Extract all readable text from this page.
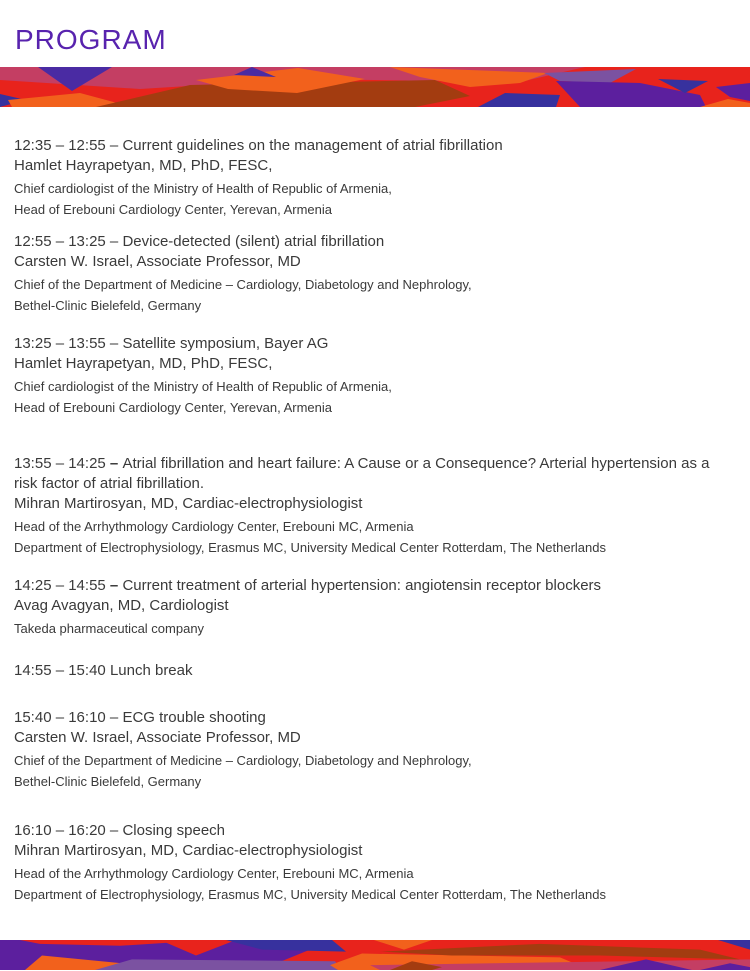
PROGRAM
12:35 – 12:55 – Current guidelines on the management of atrial fibrillation
Hamlet Hayrapetyan, MD, PhD, FESC,
Chief cardiologist of the Ministry of Health of Republic of Armenia,
Head of Erebouni Cardiology Center, Yerevan, Armenia
12:55 – 13:25 – Device-detected (silent) atrial fibrillation
Carsten W. Israel, Associate Professor, MD
Chief of the Department of Medicine – Cardiology, Diabetology and Nephrology,
Bethel-Clinic Bielefeld, Germany
13:25 – 13:55 – Satellite symposium, Bayer AG
Hamlet Hayrapetyan, MD, PhD, FESC,
Chief cardiologist of the Ministry of Health of Republic of Armenia,
Head of Erebouni Cardiology Center, Yerevan, Armenia
13:55 – 14:25 – Atrial fibrillation and heart failure: A Cause or a Consequence? Arterial hypertension as a risk factor of atrial fibrillation.
Mihran Martirosyan, MD, Cardiac-electrophysiologist
Head of the Arrhythmology Cardiology Center, Erebouni MC, Armenia
Department of Electrophysiology, Erasmus MC, University Medical Center Rotterdam, The Netherlands
14:25 – 14:55 – Current treatment of arterial hypertension: angiotensin receptor blockers
Avag Avagyan, MD, Cardiologist
Takeda pharmaceutical company
14:55 – 15:40 Lunch break
15:40 – 16:10 – ECG trouble shooting
Carsten W. Israel, Associate Professor, MD
Chief of the Department of Medicine – Cardiology, Diabetology and Nephrology,
Bethel-Clinic Bielefeld, Germany
16:10 – 16:20 – Closing speech
Mihran Martirosyan, MD, Cardiac-electrophysiologist
Head of the Arrhythmology Cardiology Center, Erebouni MC, Armenia
Department of Electrophysiology, Erasmus MC, University Medical Center Rotterdam, The Netherlands
